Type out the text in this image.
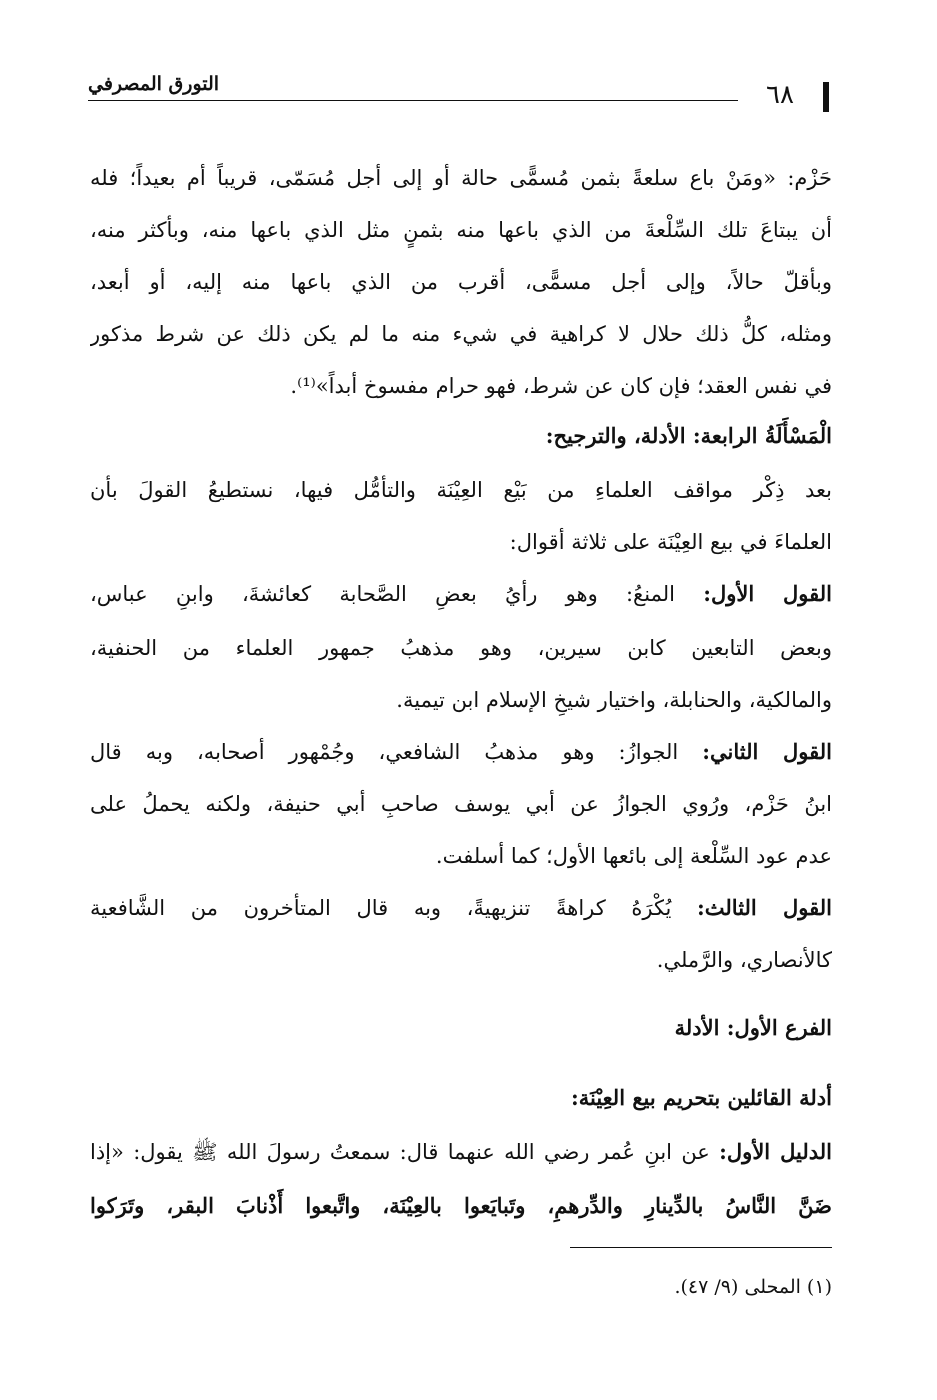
٦٨
التورق المصرفي
حَزْم: «ومَنْ باع سلعةً بثمن مُسمًّى حالة أو إلى أجل مُسَمّى، قريباً أم بعيداً؛ فله
أن يبتاعَ تلك السِّلْعةَ من الذي باعها منه بثمنٍ مثل الذي باعها منه، وبأكثر منه،
وبأقلّ حالاً، وإلى أجل مسمًّى، أقرب من الذي باعها منه إليه، أو أبعد،
ومثله، كلُّ ذلك حلال لا كراهية في شيء منه ما لم يكن ذلك عن شرط مذكور
في نفس العقد؛ فإن كان عن شرط، فهو حرام مفسوخ أبداً»⁽¹⁾.
الْمَسْأَلَةُ الرابعة: الأدلة، والترجيح:
بعد ذِكْر مواقف العلماءِ من بَيْع العِيْنَة والتأمُّل فيها، نستطيعُ القولَ بأن
العلماءَ في بيع العِيْنَة على ثلاثة أقوال:
القول الأول: المنعُ: وهو رأيُ بعضِ الصَّحابة كعائشةَ، وابنِ عباس،
وبعض التابعين كابن سيرين، وهو مذهبُ جمهور العلماء من الحنفية،
والمالكية، والحنابلة، واختيار شيخِ الإسلام ابن تيمية.
القول الثاني: الجوازُ: وهو مذهبُ الشافعي، وجُمْهور أصحابه، وبه قال
ابنُ حَزْم، ورُوي الجوازُ عن أبي يوسف صاحبِ أبي حنيفة، ولكنه يحملُ على
عدم عود السِّلْعة إلى بائعها الأول؛ كما أسلفت.
القول الثالث: يُكْرَهُ كراهةً تنزيهيةً، وبه قال المتأخرون من الشَّافعية
كالأنصاري، والرَّملي.
الفرع الأول: الأدلة
أدلة القائلين بتحريم بيع العِيْنَة:
الدليل الأول: عن ابنِ عُمر رضي الله عنهما قال: سمعتُ رسولَ الله ﷺ يقول: «إذا
ضَنَّ النَّاسُ بالدِّينارِ والدِّرهمِ، وتَبايَعوا بالعِيْنَة، واتَّبعوا أَذْنابَ البقر، وتَرَكوا
(١) المحلى (٩/ ٤٧).
